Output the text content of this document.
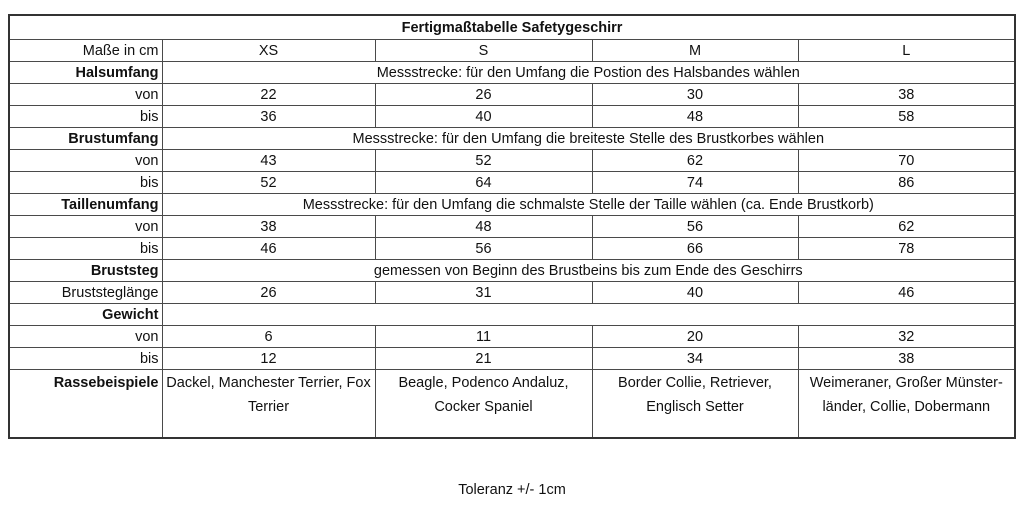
Fertigmaßtabelle Safetygeschirr				
Maße in cm	XS	S	M	L
Halsumfang	Messstrecke: für den Umfang die Postion des Halsbandes wählen			
von	22	26	30	38
bis	36	40	48	58
Brustumfang	Messstrecke: für den Umfang die breiteste Stelle des Brustkorbes wählen			
von	43	52	62	70
bis	52	64	74	86
Taillenumfang	Messstrecke: für den Umfang die schmalste Stelle der Taille wählen (ca. Ende Brustkorb)			
von	38	48	56	62
bis	46	56	66	78
Bruststeg	gemessen von Beginn des Brustbeins bis zum Ende des Geschirrs			
Bruststeglänge	26	31	40	46
Gewicht				
von	6	11	20	32
bis	12	21	34	38
Rassebeispiele	Dackel, Manchester Terrier, Fox Terrier	Beagle, Podenco Andaluz, Cocker Spaniel	Border Collie, Retriever, Englisch Setter	Weimeraner, Großer Münster-länder, Collie, Dobermann
Toleranz +/- 1cm
